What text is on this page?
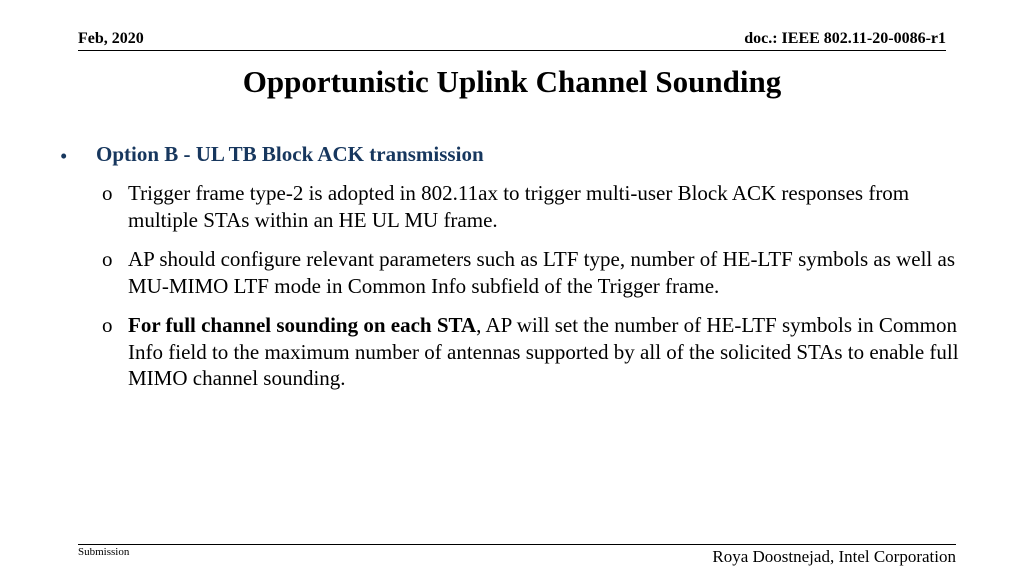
Feb, 2020	doc.: IEEE 802.11-20-0086-r1
Opportunistic Uplink Channel Sounding
• Option B - UL TB Block ACK transmission
o Trigger frame type-2 is adopted in 802.11ax to trigger multi-user Block ACK responses from multiple STAs within an HE UL MU frame.
o AP should configure relevant parameters such as LTF type, number of HE-LTF symbols as well as MU-MIMO LTF mode in Common Info subfield of the Trigger frame.
o For full channel sounding on each STA, AP will set the number of HE-LTF symbols in Common Info field to the maximum number of antennas supported by all of the solicited STAs to enable full MIMO channel sounding.
Submission	Roya Doostnejad, Intel Corporation
